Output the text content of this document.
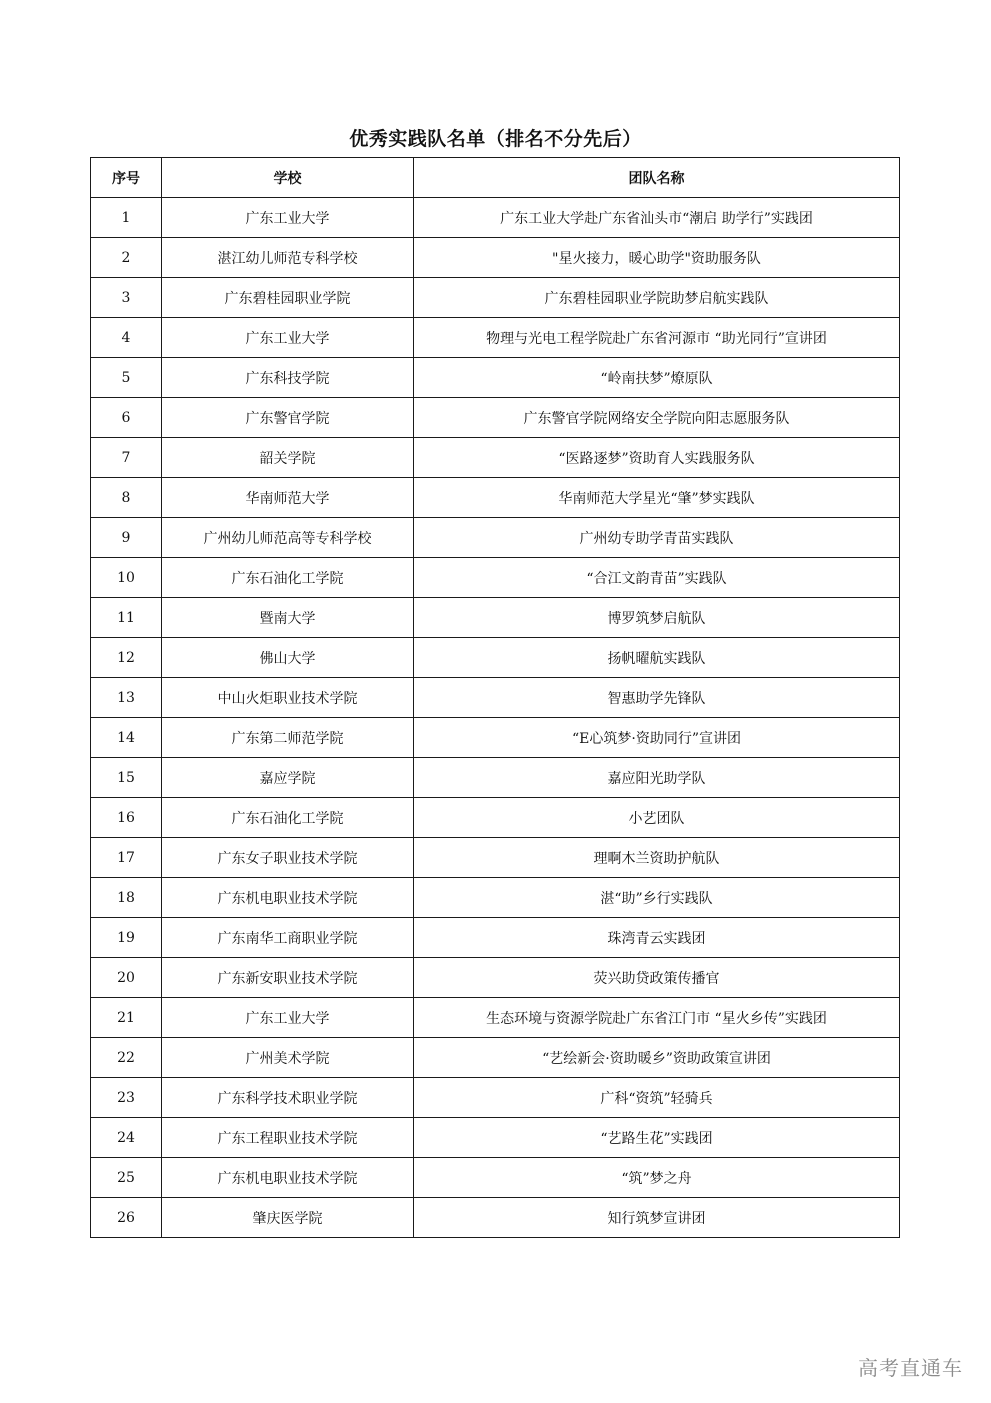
优秀实践队名单（排名不分先后）
序号	学校	团队名称
1	广东工业大学	广东工业大学赴广东省汕头市“潮启 助学行”实践团
2	湛江幼儿师范专科学校	"星火接力，暖心助学"资助服务队
3	广东碧桂园职业学院	广东碧桂园职业学院助梦启航实践队
4	广东工业大学	物理与光电工程学院赴广东省河源市 “助光同行”宣讲团
5	广东科技学院	“岭南扶梦”燎原队
6	广东警官学院	广东警官学院网络安全学院向阳志愿服务队
7	韶关学院	“医路逐梦”资助育人实践服务队
8	华南师范大学	华南师范大学星光“肇”梦实践队
9	广州幼儿师范高等专科学校	广州幼专助学青苗实践队
10	广东石油化工学院	“合江文韵青苗”实践队
11	暨南大学	博罗筑梦启航队
12	佛山大学	扬帆曜航实践队
13	中山火炬职业技术学院	智惠助学先锋队
14	广东第二师范学院	“E心筑梦·资助同行”宣讲团
15	嘉应学院	嘉应阳光助学队
16	广东石油化工学院	小艺团队
17	广东女子职业技术学院	理啊木兰资助护航队
18	广东机电职业技术学院	湛“助”乡行实践队
19	广东南华工商职业学院	珠湾青云实践团
20	广东新安职业技术学院	荧兴助贷政策传播官
21	广东工业大学	生态环境与资源学院赴广东省江门市 “星火乡传”实践团
22	广州美术学院	“艺绘新会·资助暖乡”资助政策宣讲团
23	广东科学技术职业学院	广科“资筑”轻骑兵
24	广东工程职业技术学院	“艺路生花”实践团
25	广东机电职业技术学院	“筑”梦之舟
26	肇庆医学院	知行筑梦宣讲团
高考直通车
